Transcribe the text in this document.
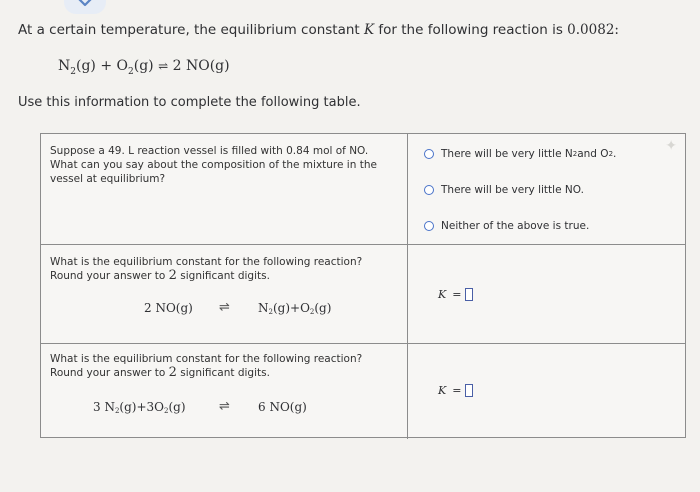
At a certain temperature, the equilibrium constant K for the following reaction is 0.0082:
$N_2(g) + O_2(g)$ ⇌ 2 NO(g)
Use this information to complete the following table.
✦
Suppose a 49. L reaction vessel is filled with 0.84 mol of NO. What can you say about the composition of the mixture in the vessel at equilibrium?
There will be very little N 2 and O 2 .
There will be very little NO.
Neither of the above is true.
What is the equilibrium constant for the following reaction?
Round your answer to 2 significant digits.
2 NO(g) ⇌ N2(g)+O2(g)
K =
What is the equilibrium constant for the following reaction?
Round your answer to 2 significant digits.
3 N2(g)+3O2(g)	⇌ 6 NO(g)
K =
